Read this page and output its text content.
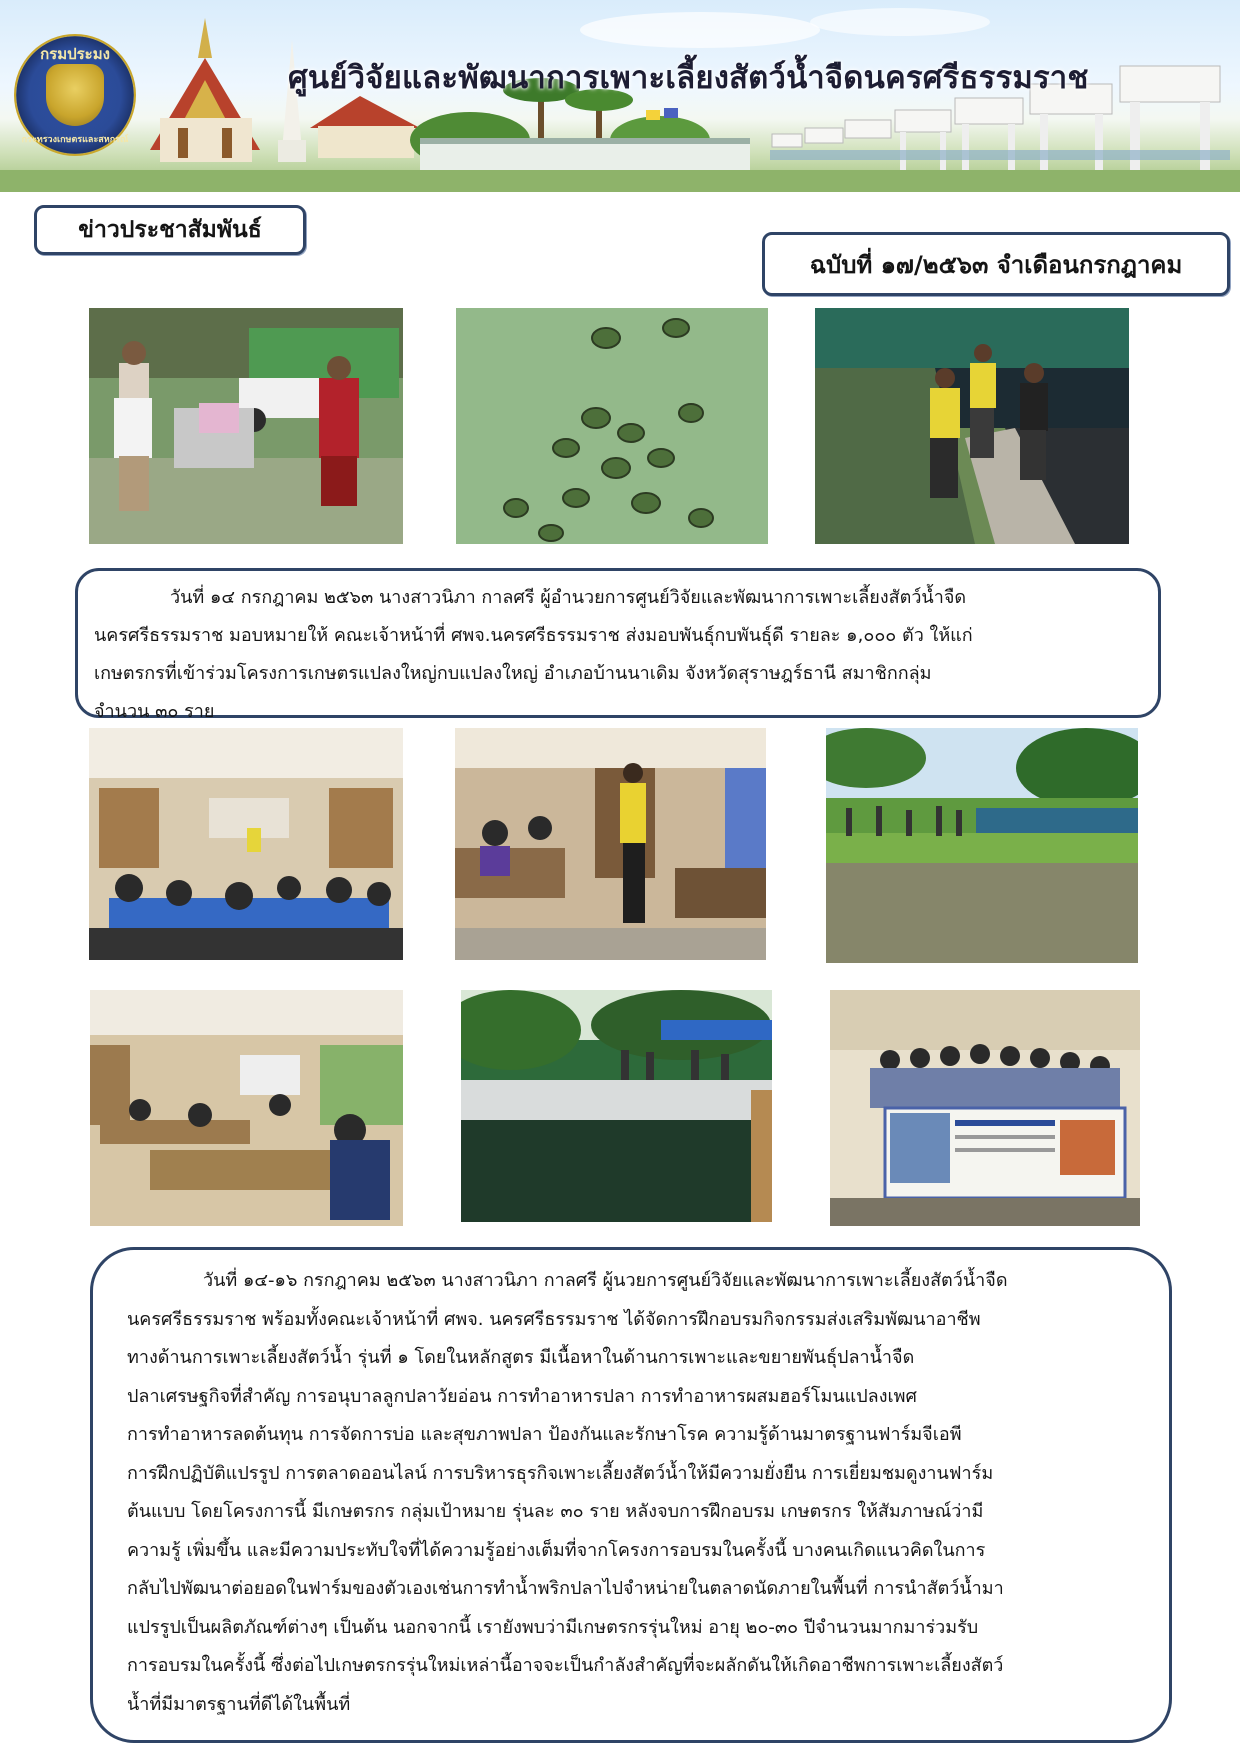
กรมประมง
กระทรวงเกษตรและสหกรณ์
ศูนย์วิจัยและพัฒนาการเพาะเลี้ยงสัตว์น้ำจืดนครศรีธรรมราช
ข่าวประชาสัมพันธ์
ฉบับที่ ๑๗/๒๕๖๓ จำเดือนกรกฎาคม
วันที่ ๑๔ กรกฎาคม ๒๕๖๓ นางสาวนิภา กาลศรี ผู้อำนวยการศูนย์วิจัยและพัฒนาการเพาะเลี้ยงสัตว์น้ำจืด
นครศรีธรรมราช มอบหมายให้ คณะเจ้าหน้าที่ ศพจ.นครศรีธรรมราช ส่งมอบพันธุ์กบพันธุ์ดี รายละ ๑,๐๐๐ ตัว ให้แก่
เกษตรกรที่เข้าร่วมโครงการเกษตรแปลงใหญ่กบแปลงใหญ่ อำเภอบ้านนาเดิม จังหวัดสุราษฎร์ธานี สมาชิกกลุ่ม
จำนวน ๓๐ ราย
วันที่ ๑๔-๑๖ กรกฎาคม ๒๕๖๓ นางสาวนิภา กาลศรี ผู้นวยการศูนย์วิจัยและพัฒนาการเพาะเลี้ยงสัตว์น้ำจืด
นครศรีธรรมราช พร้อมทั้งคณะเจ้าหน้าที่ ศพจ. นครศรีธรรมราช ได้จัดการฝึกอบรมกิจกรรมส่งเสริมพัฒนาอาชีพ
ทางด้านการเพาะเลี้ยงสัตว์น้ำ รุ่นที่ ๑ โดยในหลักสูตร มีเนื้อหาในด้านการเพาะและขยายพันธุ์ปลาน้ำจืด
ปลาเศรษฐกิจที่สำคัญ การอนุบาลลูกปลาวัยอ่อน การทำอาหารปลา การทำอาหารผสมฮอร์โมนแปลงเพศ
การทำอาหารลดต้นทุน การจัดการบ่อ และสุขภาพปลา ป้องกันและรักษาโรค ความรู้ด้านมาตรฐานฟาร์มจีเอพี
การฝึกปฏิบัติแปรรูป การตลาดออนไลน์ การบริหารธุรกิจเพาะเลี้ยงสัตว์น้ำให้มีความยั่งยืน การเยี่ยมชมดูงานฟาร์ม
ต้นแบบ โดยโครงการนี้ มีเกษตรกร กลุ่มเป้าหมาย รุ่นละ ๓๐ ราย หลังจบการฝึกอบรม เกษตรกร ให้สัมภาษณ์ว่ามี
ความรู้ เพิ่มขึ้น และมีความประทับใจที่ได้ความรู้อย่างเต็มที่จากโครงการอบรมในครั้งนี้ บางคนเกิดแนวคิดในการ
กลับไปพัฒนาต่อยอดในฟาร์มของตัวเองเช่นการทำน้ำพริกปลาไปจำหน่ายในตลาดนัดภายในพื้นที่ การนำสัตว์น้ำมา
แปรรูปเป็นผลิตภัณฑ์ต่างๆ เป็นต้น นอกจากนี้ เรายังพบว่ามีเกษตรกรรุ่นใหม่ อายุ ๒๐-๓๐ ปีจำนวนมากมาร่วมรับ
การอบรมในครั้งนี้ ซึ่งต่อไปเกษตรกรรุ่นใหม่เหล่านี้อาจจะเป็นกำลังสำคัญที่จะผลักดันให้เกิดอาชีพการเพาะเลี้ยงสัตว์
น้ำที่มีมาตรฐานที่ดีได้ในพื้นที่
